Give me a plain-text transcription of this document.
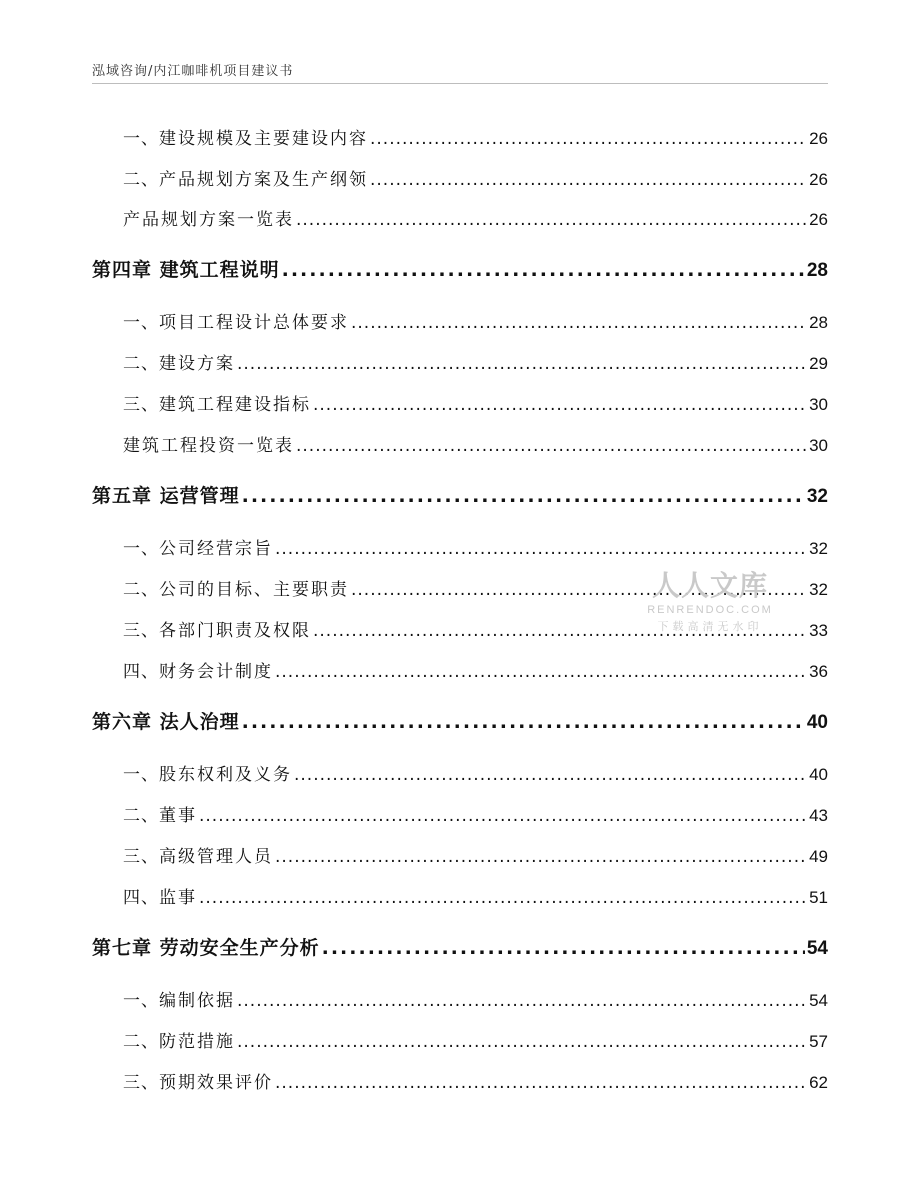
泓域咨询/内江咖啡机项目建议书
一、 建设规模及主要建设内容 .....	26
二、 产品规划方案及生产纲领 .....	26
产品规划方案一览表 .....	26
第四章 建筑工程说明 .....	28
一、 项目工程设计总体要求 .....	28
二、 建设方案 .....	29
三、 建筑工程建设指标 .....	30
建筑工程投资一览表 .....	30
第五章 运营管理 .....	32
一、 公司经营宗旨 .....	32
二、 公司的目标、主要职责 .....	32
三、 各部门职责及权限 .....	33
四、 财务会计制度 .....	36
第六章 法人治理 .....	40
一、 股东权利及义务 .....	40
二、 董事 .....	43
三、 高级管理人员 .....	49
四、 监事 .....	51
第七章 劳动安全生产分析 .....	54
一、 编制依据 .....	54
二、 防范措施 .....	57
三、 预期效果评价 .....	62
人人文库
RENRENDOC.COM
下载高清无水印
